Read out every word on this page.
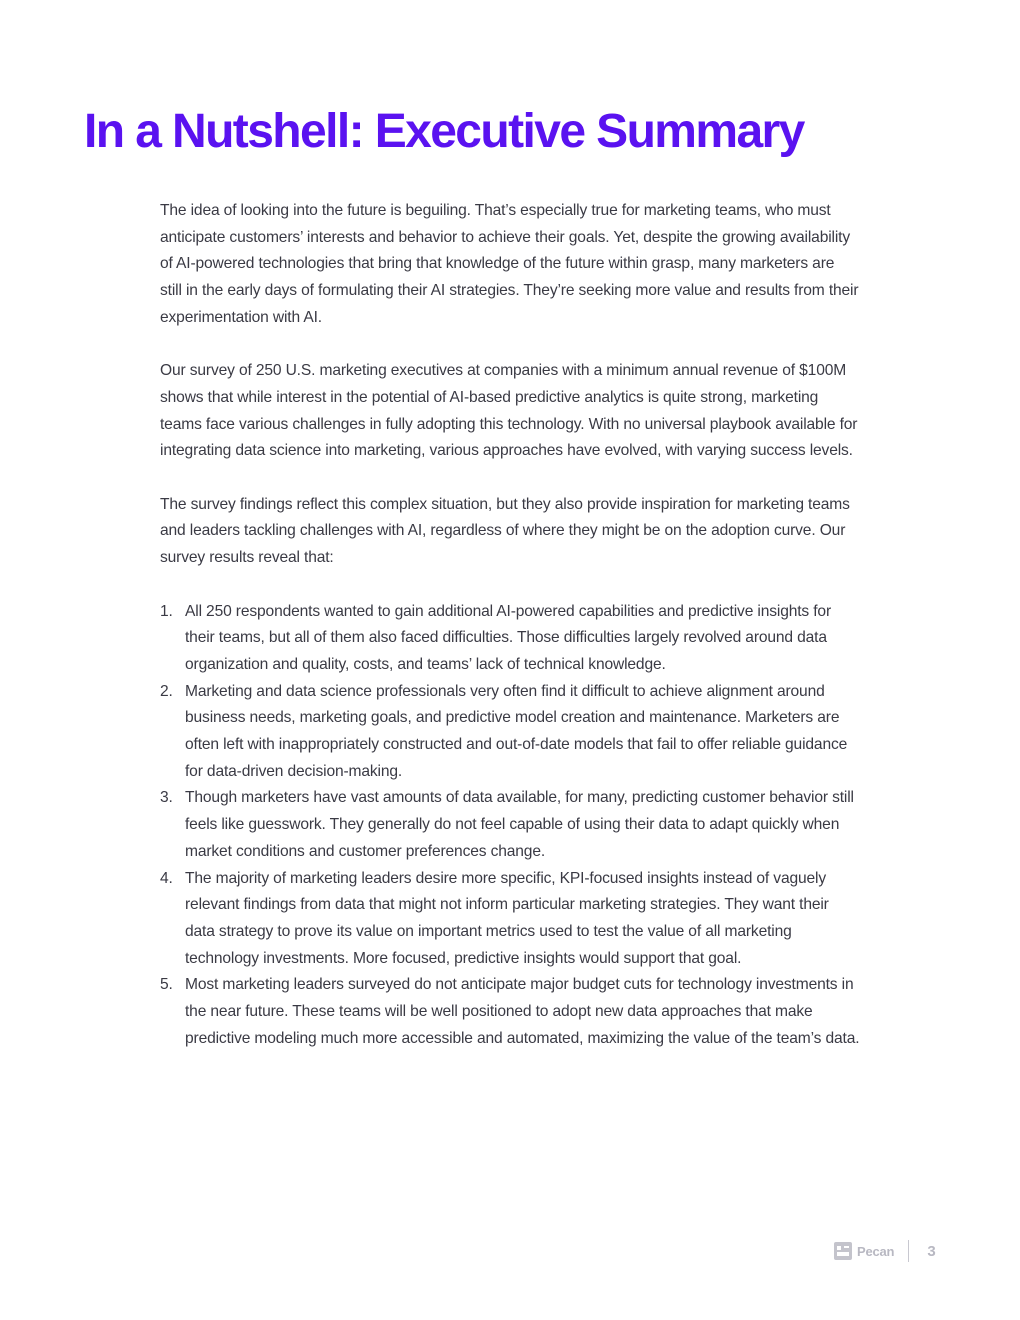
In a Nutshell: Executive Summary

The idea of looking into the future is beguiling. That’s especially true for marketing teams, who must anticipate customers’ interests and behavior to achieve their goals. Yet, despite the growing availability of AI-powered technologies that bring that knowledge of the future within grasp, many marketers are still in the early days of formulating their AI strategies. They’re seeking more value and results from their experimentation with AI.

Our survey of 250 U.S. marketing executives at companies with a minimum annual revenue of $100M shows that while interest in the potential of AI-based predictive analytics is quite strong, marketing teams face various challenges in fully adopting this technology. With no universal playbook available for integrating data science into marketing, various approaches have evolved, with varying success levels.

The survey findings reflect this complex situation, but they also provide inspiration for marketing teams and leaders tackling challenges with AI, regardless of where they might be on the adoption curve. Our survey results reveal that:

1. All 250 respondents wanted to gain additional AI-powered capabilities and predictive insights for their teams, but all of them also faced difficulties. Those difficulties largely revolved around data organization and quality, costs, and teams’ lack of technical knowledge.
2. Marketing and data science professionals very often find it difficult to achieve alignment around business needs, marketing goals, and predictive model creation and maintenance. Marketers are often left with inappropriately constructed and out-of-date models that fail to offer reliable guidance for data-driven decision-making.
3. Though marketers have vast amounts of data available, for many, predicting customer behavior still feels like guesswork. They generally do not feel capable of using their data to adapt quickly when market conditions and customer preferences change.
4. The majority of marketing leaders desire more specific, KPI-focused insights instead of vaguely relevant findings from data that might not inform particular marketing strategies. They want their data strategy to prove its value on important metrics used to test the value of all marketing technology investments. More focused, predictive insights would support that goal.
5. Most marketing leaders surveyed do not anticipate major budget cuts for technology investments in the near future. These teams will be well positioned to adopt new data approaches that make predictive modeling much more accessible and automated, maximizing the value of the team’s data.
Pecan 3
